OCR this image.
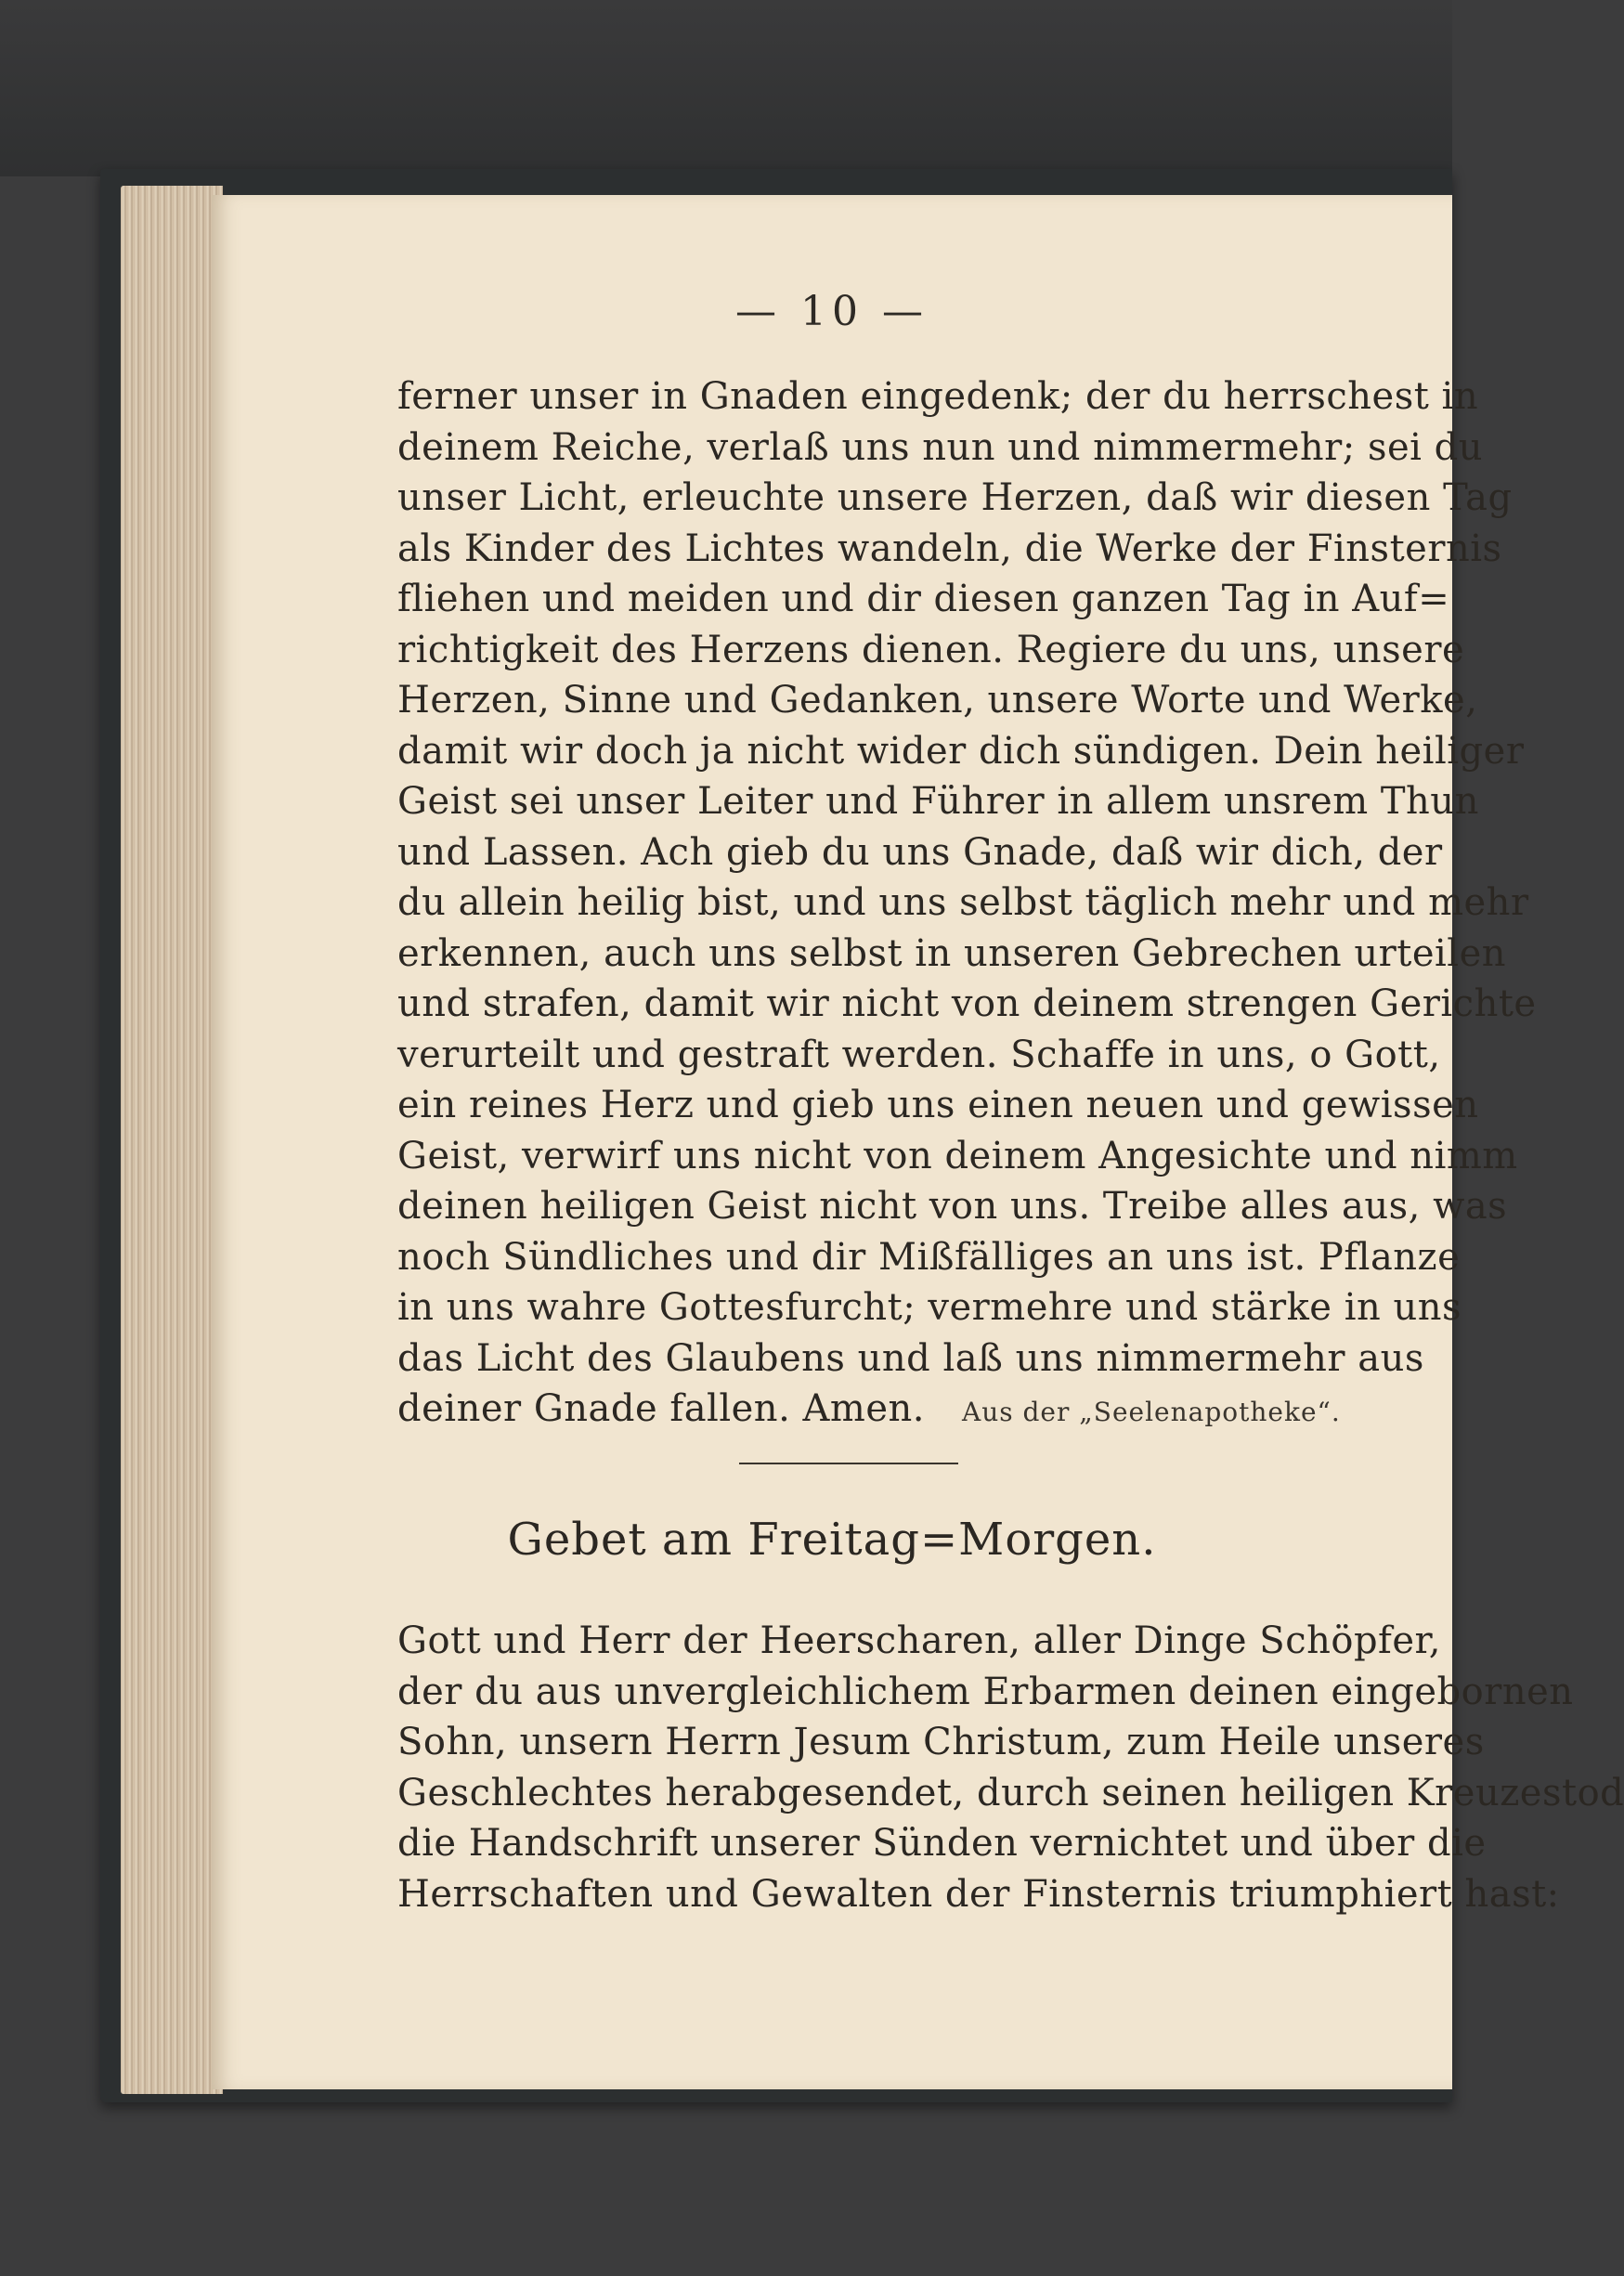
— 10 —
ferner unser in Gnaden eingedenk; der du herrschest in
deinem Reiche, verlaß uns nun und nimmermehr; sei du
unser Licht, erleuchte unsere Herzen, daß wir diesen Tag
als Kinder des Lichtes wandeln, die Werke der Finsternis
fliehen und meiden und dir diesen ganzen Tag in Auf=
richtigkeit des Herzens dienen. Regiere du uns, unsere
Herzen, Sinne und Gedanken, unsere Worte und Werke,
damit wir doch ja nicht wider dich sündigen. Dein heiliger
Geist sei unser Leiter und Führer in allem unsrem Thun
und Lassen. Ach gieb du uns Gnade, daß wir dich, der
du allein heilig bist, und uns selbst täglich mehr und mehr
erkennen, auch uns selbst in unseren Gebrechen urteilen
und strafen, damit wir nicht von deinem strengen Gerichte
verurteilt und gestraft werden. Schaffe in uns, o Gott,
ein reines Herz und gieb uns einen neuen und gewissen
Geist, verwirf uns nicht von deinem Angesichte und nimm
deinen heiligen Geist nicht von uns. Treibe alles aus, was
noch Sündliches und dir Mißfälliges an uns ist. Pflanze
in uns wahre Gottesfurcht; vermehre und stärke in uns
das Licht des Glaubens und laß uns nimmermehr aus
deiner Gnade fallen. Amen. Aus der „Seelenapotheke“.
Gebet am Freitag=Morgen.
Gott und Herr der Heerscharen, aller Dinge Schöpfer,
der du aus unvergleichlichem Erbarmen deinen eingebornen
Sohn, unsern Herrn Jesum Christum, zum Heile unseres
Geschlechtes herabgesendet, durch seinen heiligen Kreuzestod
die Handschrift unserer Sünden vernichtet und über die
Herrschaften und Gewalten der Finsternis triumphiert hast:
